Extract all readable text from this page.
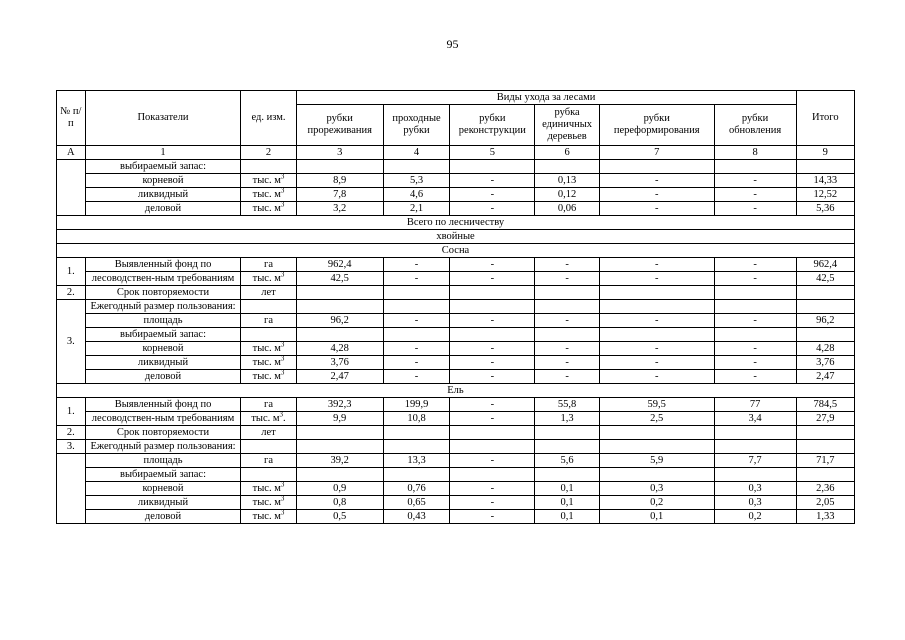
95
№ п/п	Показатели	ед. изм.	Виды ухода за лесами						Итого
			рубки прореживания	проходные рубки	рубки реконструкции	рубка единичных деревьев	рубки переформирования	рубки обновления	
А	1	2	3	4	5	6	7	8	9
	выбираемый запас:								
	корневой	тыс. $м^3$	8,9	5,3	-	0,13	-	-	14,33
	ликвидный	тыс. $м^3$	7,8	4,6	-	0,12	-	-	12,52
	деловой	тыс. $м^3$	3,2	2,1	-	0,06	-	-	5,36
Всего по лесничеству									
хвойные									
Сосна									
1.	Выявленный фонд по	га	962,4	-	-	-	-	-	962,4
	лесоводствен-ным требованиям	тыс. $м^3$	42,5	-	-	-	-	-	42,5

2.	Срок повторяемости	лет							
3.	Ежегодный размер пользования:								

	площадь	га	96,2	-	-	-	-	-	96,2
	выбираемый запас:								
	корневой	тыс. $м^3$	4,28	-	-	-	-	-	4,28
	ликвидный	тыс. $м^3$	3,76	-	-	-	-	-	3,76
	деловой	тыс. $м^3$	2,47	-	-	-	-	-	2,47
Ель									
1.	Выявленный фонд по	га	392,3	199,9	-	55,8	59,5	77	784,5
	лесоводствен-ным требованиям	тыс. $м^3$.	9,9	10,8	-	1,3	2,5	3,4	27,9

2.	Срок повторяемости	лет							
3.	Ежегодный размер пользования:								

	площадь	га	39,2	13,3	-	5,6	5,9	7,7	71,7
	выбираемый запас:								
	корневой	тыс. $м^3$	0,9	0,76	-	0,1	0,3	0,3	2,36
	ликвидный	тыс. $м^3$	0,8	0,65	-	0,1	0,2	0,3	2,05
	деловой	тыс. $м^3$	0,5	0,43	-	0,1	0,1	0,2	1,33
